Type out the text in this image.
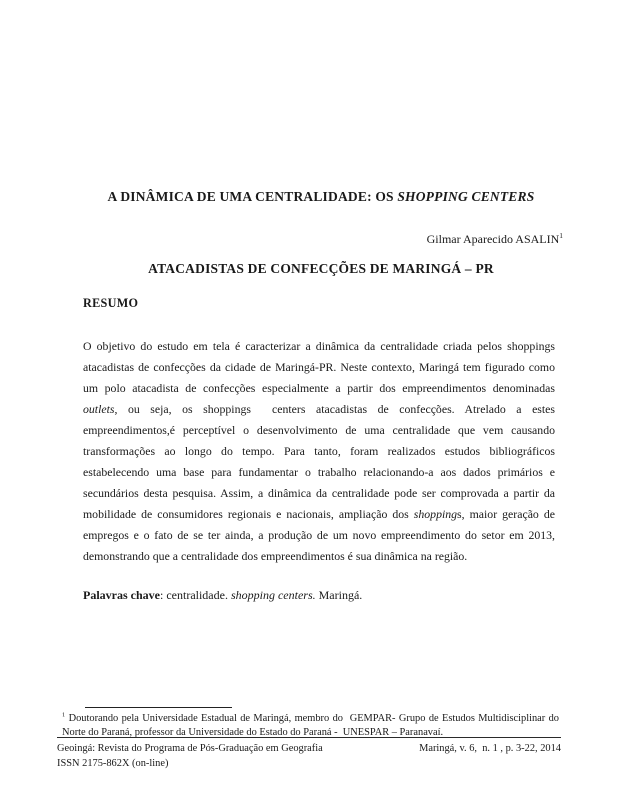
A DINÂMICA DE UMA CENTRALIDADE: OS SHOPPING CENTERS

ATACADISTAS DE CONFECÇÕES DE MARINGÁ – PR

Gilmar Aparecido ASALIN$^1$
RESUMO
O objetivo do estudo em tela é caracterizar a dinâmica da centralidade criada pelos shoppings atacadistas de confecções da cidade de Maringá-PR. Neste contexto, Maringá tem figurado como um polo atacadista de confecções especialmente a partir dos empreendimentos denominadas outlets, ou seja, os shoppings  centers atacadistas de confecções. Atrelado a estes empreendimentos,é perceptível o desenvolvimento de uma centralidade que vem causando transformações ao longo do tempo. Para tanto, foram realizados estudos bibliográficos estabelecendo uma base para fundamentar o trabalho relacionando-a aos dados primários e secundários desta pesquisa. Assim, a dinâmica da centralidade pode ser comprovada a partir da mobilidade de consumidores regionais e nacionais, ampliação dos shoppings, maior geração de empregos e o fato de se ter ainda, a produção de um novo empreendimento do setor em 2013, demonstrando que a centralidade dos empreendimentos é sua dinâmica na região.
Palavras chave: centralidade. shopping centers. Maringá.
$^1$ Doutorando pela Universidade Estadual de Maringá, membro do  GEMPAR- Grupo de Estudos Multidisciplinar do Norte do Paraná, professor da Universidade do Estado do Paraná -  UNESPAR – Paranavaí.
Geoingá: Revista do Programa de Pós-Graduação em Geografia
ISSN 2175-862X (on-line)
Maringá, v. 6,  n. 1 , p. 3-22, 2014
